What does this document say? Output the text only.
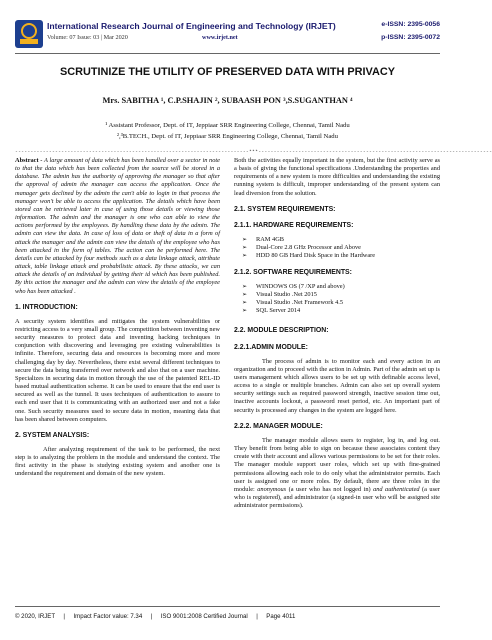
International Research Journal of Engineering and Technology (IRJET)
Volume: 07 Issue: 03 | Mar 2020	www.irjet.net
e-ISSN: 2395-0056
p-ISSN: 2395-0072
SCRUTINIZE THE UTILITY OF PRESERVED DATA WITH PRIVACY
Mrs. SABITHA ¹, C.P.SHAJIN ², SUBAASH PON ³,S.SUGANTHAN ⁴
¹ Assistant Professor, Dept. of IT, Jeppiaar SRR Engineering College, Chennai, Tamil Nadu
²,³B.TECH., Dept. of IT, Jeppiaar SRR Engineering College, Chennai, Tamil Nadu
----------------------------------------------------------------------------***----------------------------------------------------------------------------

Abstract - A large amount of data which has been handled over a sector in note to that the data which has been collected from the source will be stored in a database. The admin has the authority of approving the manager so that after the approval of admin the manager can access the application. Once the manager gets declined by the admin the can't able to login in that process the manager won't be able to access the application. The details which have been stored can be retrieved later in case of using those details or viewing those information. The admin and the manager is one who can able to view the actions performed by the employees. By handling these data by the admin. The admin can view the data. In case of loss of data or theft of data in a form of attack the manager and the admin can view the details of the employee who has been attacked in the form of tables. The action can be performed here. The details can be attacked by four methods such as a data linkage attack, attribute attack, table linkage attack and probabilistic attack. By these attacks, we can attack the details of an individual by getting their id which has been published. By this action the manager and the admin can view the details of the employee who has been attacked .

1. INTRODUCTION:

A security system identifies and mitigates the system vulnerabilities or restricting access to a very small group. The competition between inventing new security measures to protect data and inventing hacking techniques in conjunction with discovering and leveraging pre existing vulnerabilities is infinite. Therefore, securing data and resources is becoming more and more challenging day by day. Nevertheless, there exist several different techniques to secure the data being transferred over network and also that on a user machine. Specializes in securing data in motion through the use of the patented REL-ID based mutual authentication scheme. It can be used to ensure that the end user is secured as well as the tunnel. It uses techniques of authentication to assure to each end user that it is communicating with an authorized user and not a fake one. Such security measures used to secure data in motion, meaning data that has been shared between computers.

2. SYSTEM ANALYSIS:

After analyzing requirement of the task to be performed, the next step is to analyzing the problem in the module and understand the context. The first activity in the phase is studying existing system and another one is understand the requirement and domain of the new system.

Both the activities equally important in the system, but the first activity serve as a basis of giving the functional specifications .Understanding the properties and requirements of a new system is more difficulties and understanding the existing running system is difficult, improper understanding of the present system can lead diversion from the solution.

2.1. SYSTEM REQUIREMENTS:

2.1.1. HARDWARE REQUIREMENTS:

➢ RAM 4GB
➢ Dual-Core 2.8 GHz Processor and Above
➢ HDD 80 GB Hard Disk Space in the Hardware

2.1.2. SOFTWARE REQUIREMENTS:

➢ WINDOWS OS (7 /XP and above)
➢ Visual Studio .Net 2015
➢ Visual Studio .Net Framework 4.5
➢ SQL Server 2014

2.2. MODULE DESCRIPTION:

2.2.1.ADMIN MODULE:

The process of admin is to monitor each and every action in an organization and to proceed with the action in Admin. Part of the admin set up is users management which allows users to be set up with definable access level, access to a single or multiple branches. Admin can also set up overall system security settings such as required password strength, inactive session time out, inactive accounts lockout, a password reset period, etc. An important part of security is processed any changes in the system are logged here.

2.2.2. MANAGER MODULE:

The manager module allows users to register, log in, and log out. They benefit from being able to sign on because these associates content they create with their account and allows various permissions to be set for their roles. The manager module support user roles, which set up with fine-grained permissions allowing each role to do only what the administrator permits. Each user is assigned one or more roles. By default, there are three roles in the module: anonymous (a user who has not logged in) and authenticated (a user who is registered), and administrator (a signed-in user who will be assigned site administrator permissions).

© 2020, IRJET     |     Impact Factor value: 7.34     |     ISO 9001:2008 Certified Journal     |     Page 4011
